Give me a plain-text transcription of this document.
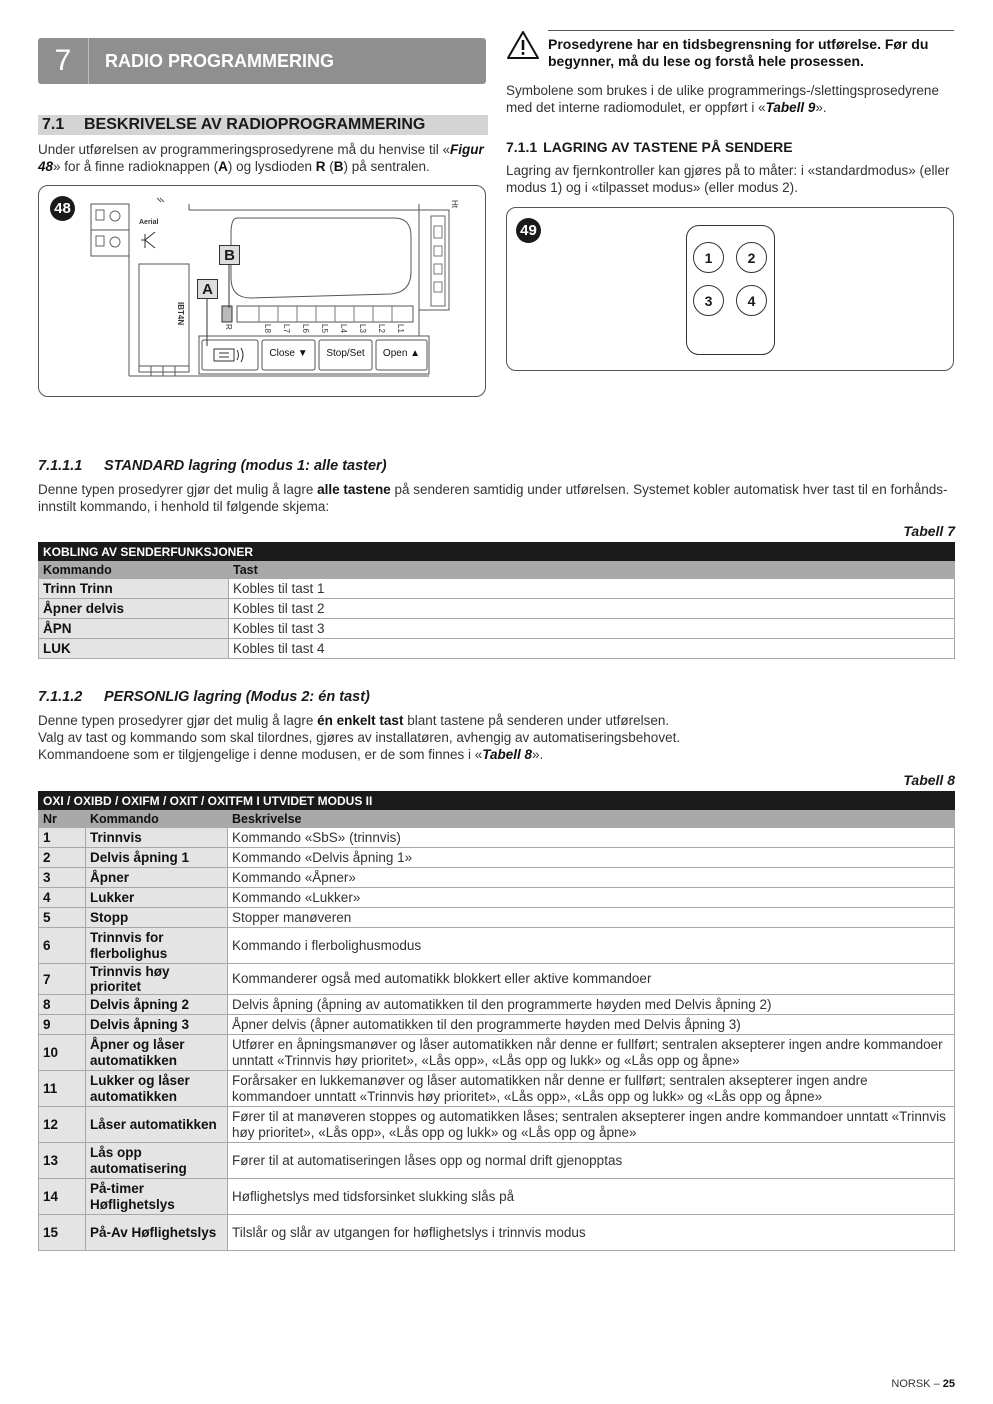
7	RADIO PROGRAMMERING
7.1	BESKRIVELSE AV RADIOPROGRAMMERING
Under utførelsen av programmeringsprosedyrene må du henvise til «Figur 48» for å finne radioknappen (A) og lysdioden R (B) på sentralen.
48
Aerial
IBT4N
Ht
B
A
R	L8 L7 L6 L5 L4 L3 L2 L1
Close ▼	Stop/Set	Open ▲
Prosedyrene har en tidsbegrensning for utførelse. Før du
begynner, må du lese og forstå hele prosessen.
Symbolene som brukes i de ulike programmerings-/slettingsprosedyrene
med det interne radiomodulet, er oppført i «Tabell 9».
7.1.1 LAGRING AV TASTENE PÅ SENDERE
Lagring av fjernkontroller kan gjøres på to måter: i «standardmodus» (eller modus 1) og i «tilpasset modus» (eller modus 2).
49
1	2
3	4
7.1.1.1 STANDARD lagring (modus 1: alle taster)
Denne typen prosedyrer gjør det mulig å lagre alle tastene på senderen samtidig under utførelsen. Systemet kobler automatisk hver tast til en forhånds-innstilt kommando, i henhold til følgende skjema:
Tabell 7
KOBLING AV SENDERFUNKSJONER	
Kommando	Tast
Trinn Trinn	Kobles til tast 1
Åpner delvis	Kobles til tast 2
ÅPN	Kobles til tast 3
LUK	Kobles til tast 4
7.1.1.2 PERSONLIG lagring (Modus 2: én tast)
Denne typen prosedyrer gjør det mulig å lagre én enkelt tast blant tastene på senderen under utførelsen.
Valg av tast og kommando som skal tilordnes, gjøres av installatøren, avhengig av automatiseringsbehovet.
Kommandoene som er tilgjengelige i denne modusen, er de som finnes i «Tabell 8».
Tabell 8
OXI / OXIBD / OXIFM / OXIT / OXITFM I UTVIDET MODUS II		
Nr	Kommando	Beskrivelse
1	Trinnvis	Kommando «SbS» (trinnvis)
2	Delvis åpning 1	Kommando «Delvis åpning 1»
3	Åpner	Kommando «Åpner»
4	Lukker	Kommando «Lukker»
5	Stopp	Stopper manøveren
6	Trinnvis for flerbolighus	Kommando i flerbolighusmodus
7	Trinnvis høy prioritet	Kommanderer også med automatikk blokkert eller aktive kommandoer
8	Delvis åpning 2	Delvis åpning (åpning av automatikken til den programmerte høyden med Delvis åpning 2)
9	Delvis åpning 3	Åpner delvis (åpner automatikken til den programmerte høyden med Delvis åpning 3)
10	Åpner og låser automatikken	Utfører en åpningsmanøver og låser automatikken når denne er fullført; sentralen aksepterer ingen andre kommandoer unntatt «Trinnvis høy prioritet», «Lås opp», «Lås opp og lukk» og «Lås opp og åpne»
11	Lukker og låser automatikken	Forårsaker en lukkemanøver og låser automatikken når denne er fullført; sentralen aksepterer ingen andre kommandoer unntatt «Trinnvis høy prioritet», «Lås opp», «Lås opp og lukk» og «Lås opp og åpne»
12	Låser automatikken	Fører til at manøveren stoppes og automatikken låses; sentralen aksepterer ingen andre kommandoer unntatt «Trinnvis høy prioritet», «Lås opp», «Lås opp og lukk» og «Lås opp og åpne»
13	Lås opp automatisering	Fører til at automatiseringen låses opp og normal drift gjenopptas
14	På-timer Høflighetslys	Høflighetslys med tidsforsinket slukking slås på
15	På-Av Høflighetslys	Tilslår og slår av utgangen for høflighetslys i trinnvis modus
NORSK – 25
